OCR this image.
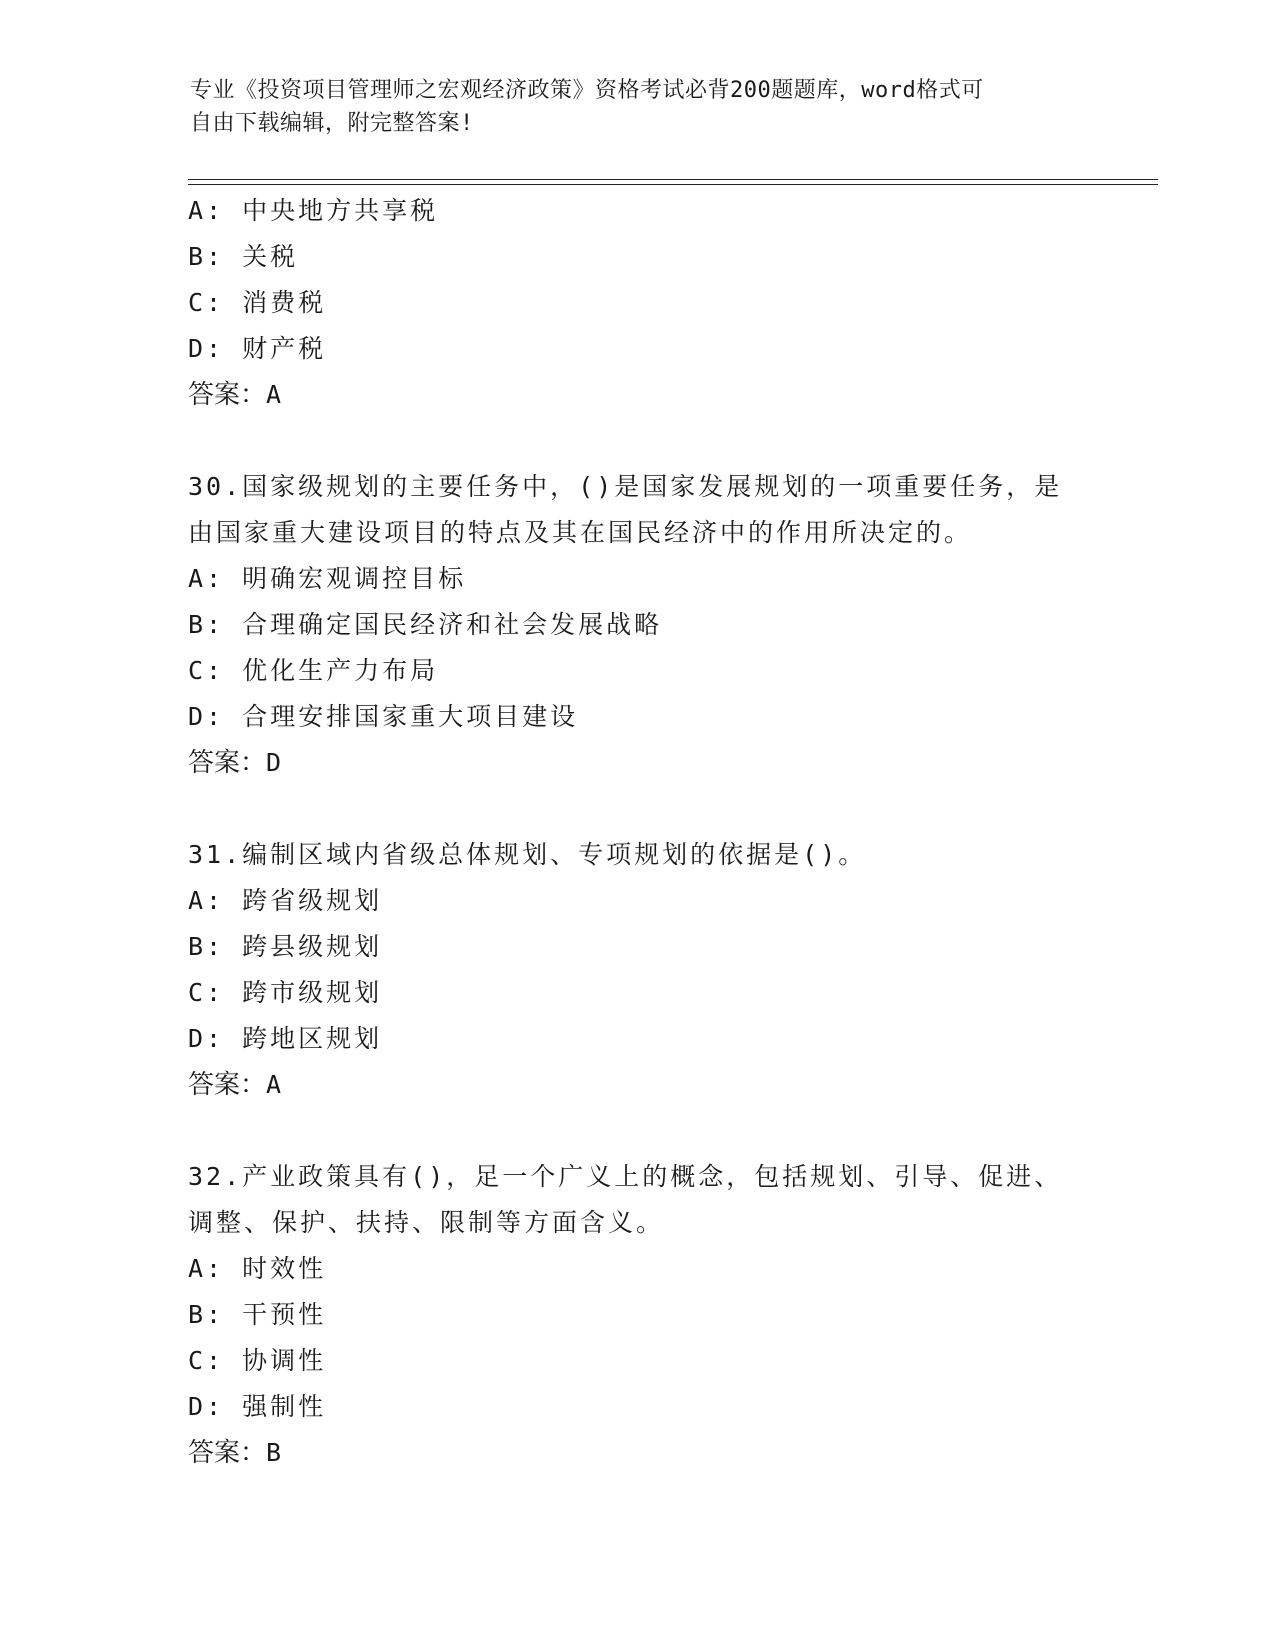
专业《投资项目管理师之宏观经济政策》资格考试必背200题题库，word格式可
自由下载编辑，附完整答案!
A: 中央地方共享税
B: 关税
C: 消费税
D: 财产税
答案：A
30.国家级规划的主要任务中，()是国家发展规划的一项重要任务，是
由国家重大建设项目的特点及其在国民经济中的作用所决定的。
A: 明确宏观调控目标
B: 合理确定国民经济和社会发展战略
C: 优化生产力布局
D: 合理安排国家重大项目建设
答案：D
31.编制区域内省级总体规划、专项规划的依据是()。
A: 跨省级规划
B: 跨县级规划
C: 跨市级规划
D: 跨地区规划
答案：A
32.产业政策具有()，足一个广义上的概念，包括规划、引导、促进、
调整、保护、扶持、限制等方面含义。
A: 时效性
B: 干预性
C: 协调性
D: 强制性
答案：B
